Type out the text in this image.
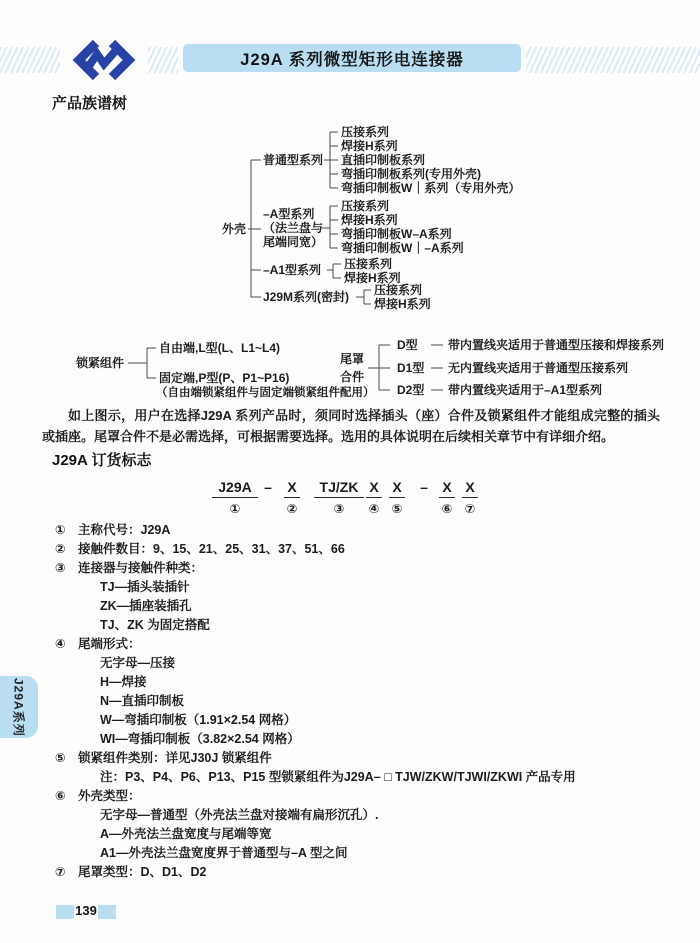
J29A 系列微型矩形电连接器
产品族谱树
外壳
普通型系列
压接系列
焊接H系列
直插印制板系列
弯插印制板系列(专用外壳)
弯插印制板W｜系列（专用外壳）
–A型系列
（法兰盘与
尾端同宽）
压接系列
焊接H系列
弯插印制板W–A系列
弯插印制板W｜–A系列
–A1型系列 压接系列
焊接H系列
J29M系列(密封) 压接系列
焊接H系列
锁紧组件
自由端,L型(L、L1~L4)
固定端,P型(P、P1~P16)
（自由端锁紧组件与固定端锁紧组件配用）
尾罩
合件
D型	带内置线夹适用于普通型压接和焊接系列
D1型 无内置线夹适用于普通型压接系列
D2型 带内置线夹适用于–A1型系列

如上图示，用户在选择J29A 系列产品时，须同时选择插头（座）合件及锁紧组件才能组成完整的插头或插座。尾罩合件不是必需选择，可根据需要选择。选用的具体说明在后续相关章节中有详细介绍。

J29A 订货标志
J29A
①
– X
②
TJ/ZK
③
X
④
X
⑤
– X
⑥
X
⑦
① 主称代号：J29A
② 接触件数目：9、15、21、25、31、37、51、66
③ 连接器与接触件种类：
TJ—插头装插针
ZK—插座装插孔
TJ、ZK 为固定搭配
④ 尾端形式：
无字母—压接
H—焊接
N—直插印制板
W—弯插印制板（1.91×2.54 网格）
WI—弯插印制板（3.82×2.54 网格）
⑤ 锁紧组件类别：详见J30J 锁紧组件
注：P3、P4、P6、P13、P15 型锁紧组件为J29A– □ TJW/ZKW/TJWI/ZKWI 产品专用
⑥ 外壳类型：
无字母—普通型（外壳法兰盘对接端有扁形沉孔）.
A—外壳法兰盘宽度与尾端等宽
A1—外壳法兰盘宽度界于普通型与–A 型之间
⑦ 尾罩类型：D、D1、D2
J29A系列
139
